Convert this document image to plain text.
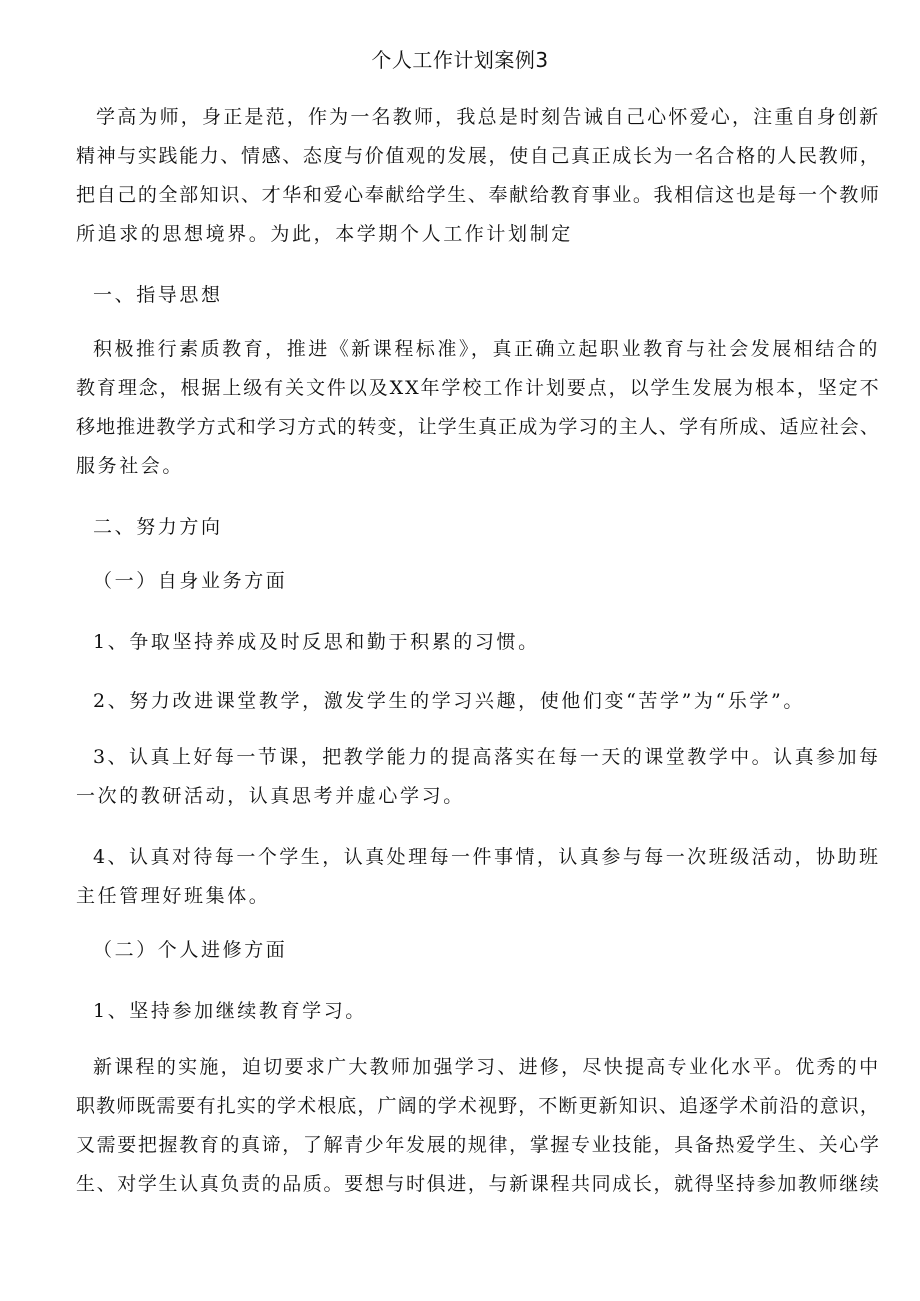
个人工作计划案例3

学高为师，身正是范，作为一名教师，我总是时刻告诫自己心怀爱心，注重自身创新
精神与实践能力、情感、态度与价值观的发展，使自己真正成长为一名合格的人民教师，
把自己的全部知识、才华和爱心奉献给学生、奉献给教育事业。我相信这也是每一个教师
所追求的思想境界。为此，本学期个人工作计划制定

一、指导思想

积极推行素质教育，推进《新课程标准》，真正确立起职业教育与社会发展相结合的
教育理念，根据上级有关文件以及XX年学校工作计划要点，以学生发展为根本，坚定不
移地推进教学方式和学习方式的转变，让学生真正成为学习的主人、学有所成、适应社会、
服务社会。

二、努力方向
（一）自身业务方面
1、争取坚持养成及时反思和勤于积累的习惯。
2、努力改进课堂教学，激发学生的学习兴趣，使他们变“苦学”为“乐学”。

3、认真上好每一节课，把教学能力的提高落实在每一天的课堂教学中。认真参加每
一次的教研活动，认真思考并虚心学习。

4、认真对待每一个学生，认真处理每一件事情，认真参与每一次班级活动，协助班
主任管理好班集体。

（二）个人进修方面
1、坚持参加继续教育学习。

新课程的实施，迫切要求广大教师加强学习、进修，尽快提高专业化水平。优秀的中
职教师既需要有扎实的学术根底，广阔的学术视野，不断更新知识、追逐学术前沿的意识，
又需要把握教育的真谛，了解青少年发展的规律，掌握专业技能，具备热爱学生、关心学
生、对学生认真负责的品质。要想与时俱进，与新课程共同成长，就得坚持参加教师继续
